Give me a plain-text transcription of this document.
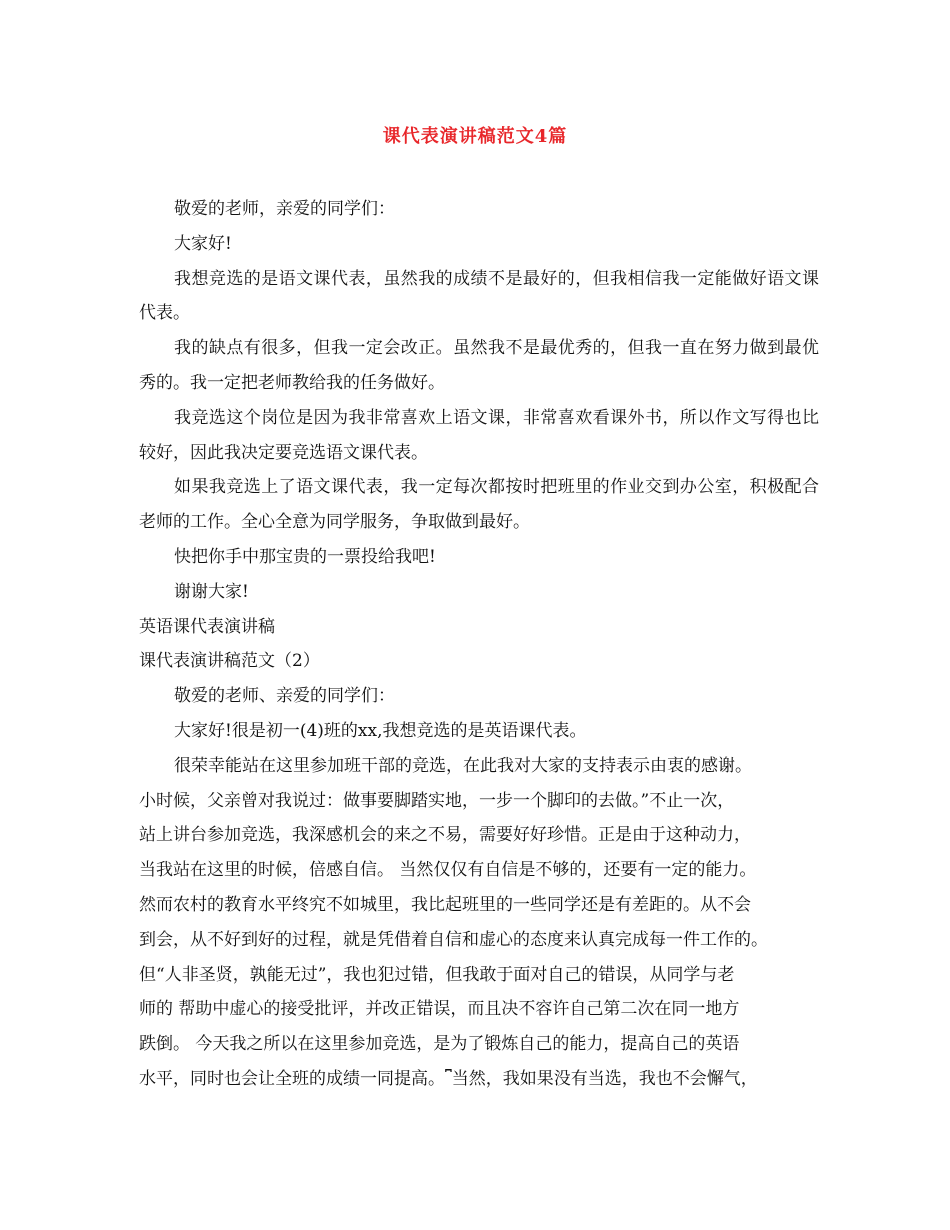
课代表演讲稿范文4篇

敬爱的老师，亲爱的同学们：

大家好!

我想竞选的是语文课代表，虽然我的成绩不是最好的，但我相信我一定能做好语文课代表。

我的缺点有很多，但我一定会改正。虽然我不是最优秀的，但我一直在努力做到最优秀的。我一定把老师教给我的任务做好。

我竞选这个岗位是因为我非常喜欢上语文课，非常喜欢看课外书，所以作文写得也比较好，因此我决定要竞选语文课代表。

如果我竞选上了语文课代表，我一定每次都按时把班里的作业交到办公室，积极配合老师的工作。全心全意为同学服务，争取做到最好。

快把你手中那宝贵的一票投给我吧!

谢谢大家!

英语课代表演讲稿

课代表演讲稿范文（2）

敬爱的老师、亲爱的同学们：

大家好!很是初一(4)班的xx,我想竞选的是英语课代表。

很荣幸能站在这里参加班干部的竞选，在此我对大家的支持表示由衷的感谢。
小时候，父亲曾对我说过：做事要脚踏实地，一步一个脚印的去做。”不止一次，
站上讲台参加竞选，我深感机会的来之不易，需要好好珍惜。正是由于这种动力，
当我站在这里的时候，倍感自信。 当然仅仅有自信是不够的，还要有一定的能力。
然而农村的教育水平终究不如城里，我比起班里的一些同学还是有差距的。从不会
到会，从不好到好的过程，就是凭借着自信和虚心的态度来认真完成每一件工作的。
但“人非圣贤，孰能无过”，我也犯过错，但我敢于面对自己的错误，从同学与老
师的 帮助中虚心的接受批评，并改正错误，而且决不容许自己第二次在同一地方
跌倒。 今天我之所以在这里参加竞选，是为了锻炼自己的能力，提高自己的英语
水平，同时也会让全班的成绩一同提高。⎴当然，我如果没有当选，我也不会懈气，
